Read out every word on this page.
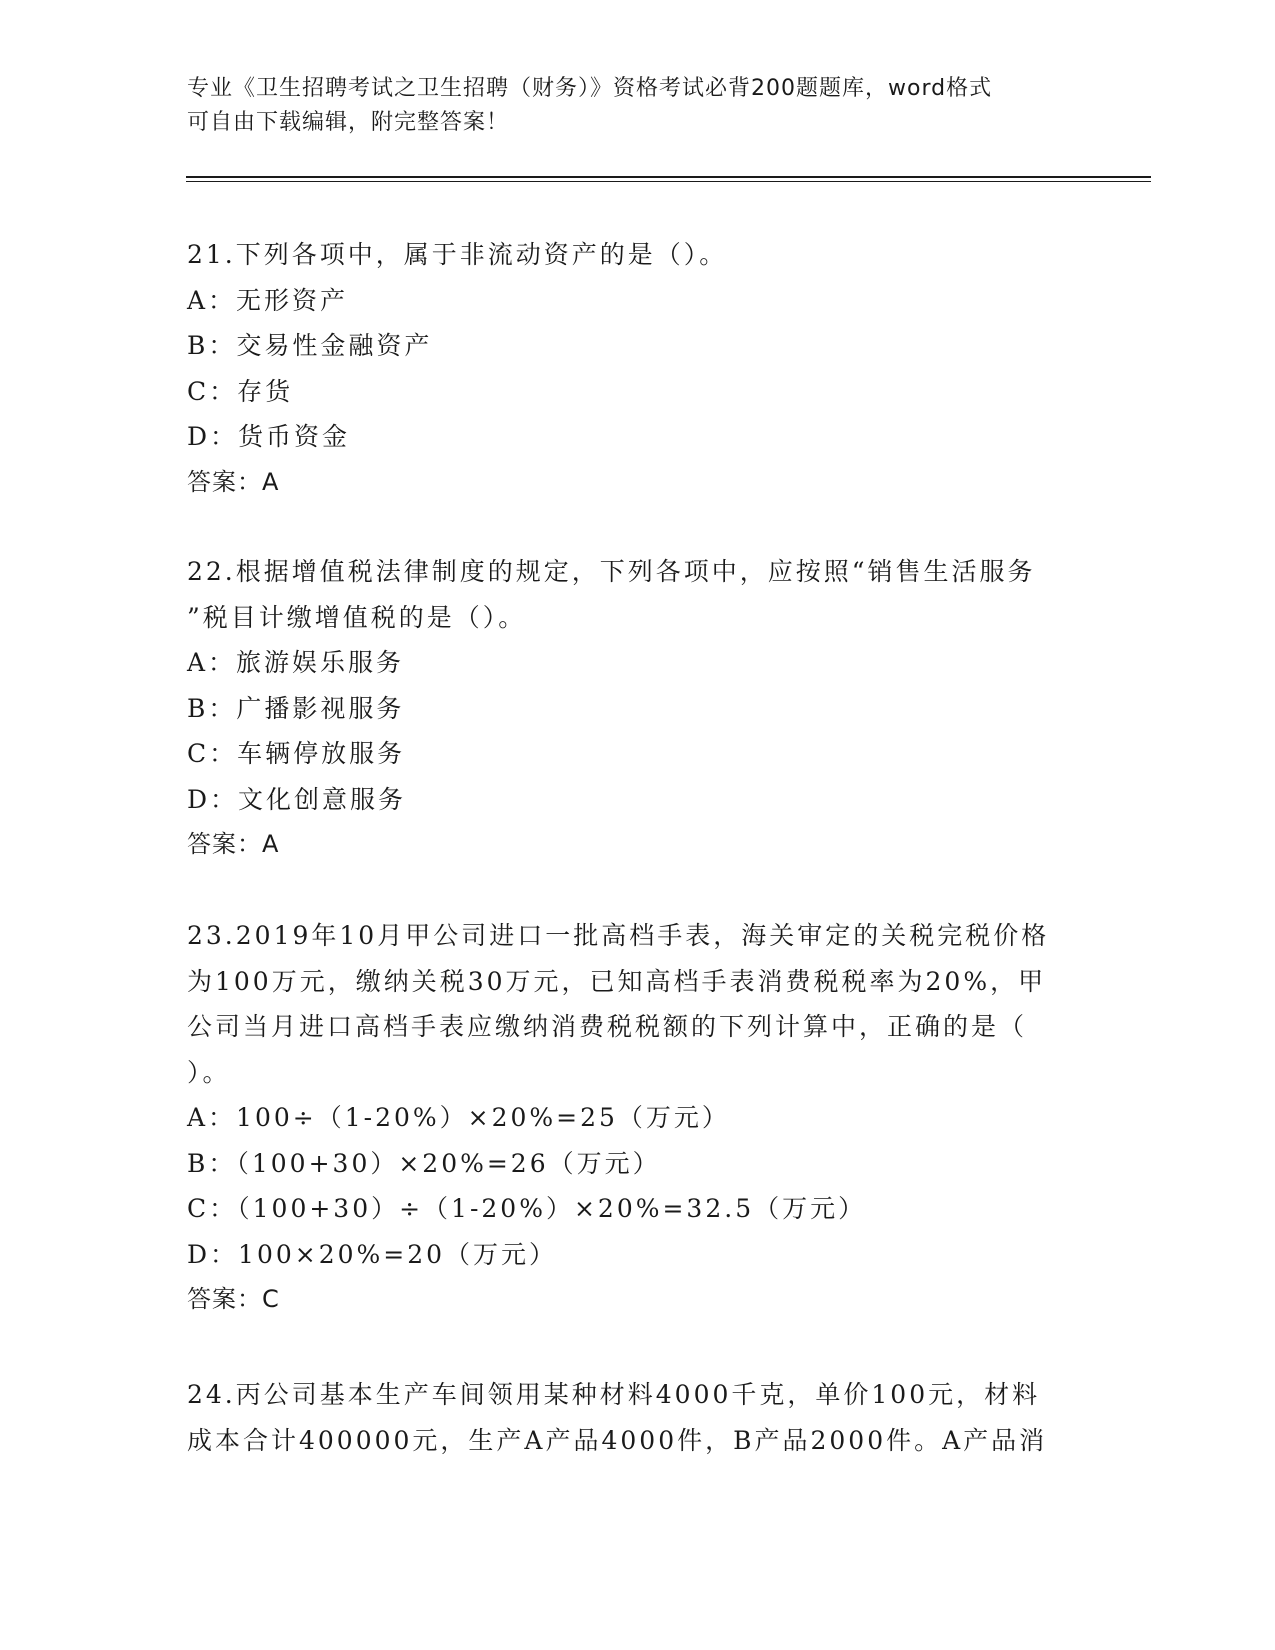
专业《卫生招聘考试之卫生招聘（财务）》资格考试必背200题题库，word格式
可自由下载编辑，附完整答案！

21.下列各项中，属于非流动资产的是（）。

A：无形资产
B：交易性金融资产
C：存货
D：货币资金

答案：A

22.根据增值税法律制度的规定，下列各项中，应按照“销售生活服务
”税目计缴增值税的是（）。

A：旅游娱乐服务
B：广播影视服务
C：车辆停放服务
D：文化创意服务

答案：A

23.2019年10月甲公司进口一批高档手表，海关审定的关税完税价格
为100万元，缴纳关税30万元，已知高档手表消费税税率为20%，甲
公司当月进口高档手表应缴纳消费税税额的下列计算中，正确的是（
）。

A：100÷（1-20%）×20%=25（万元）
B：（100+30）×20%=26（万元）
C：（100+30）÷（1-20%）×20%=32.5（万元）
D：100×20%=20（万元）

答案：C

24.丙公司基本生产车间领用某种材料4000千克，单价100元，材料
成本合计400000元，生产A产品4000件，B产品2000件。A产品消
